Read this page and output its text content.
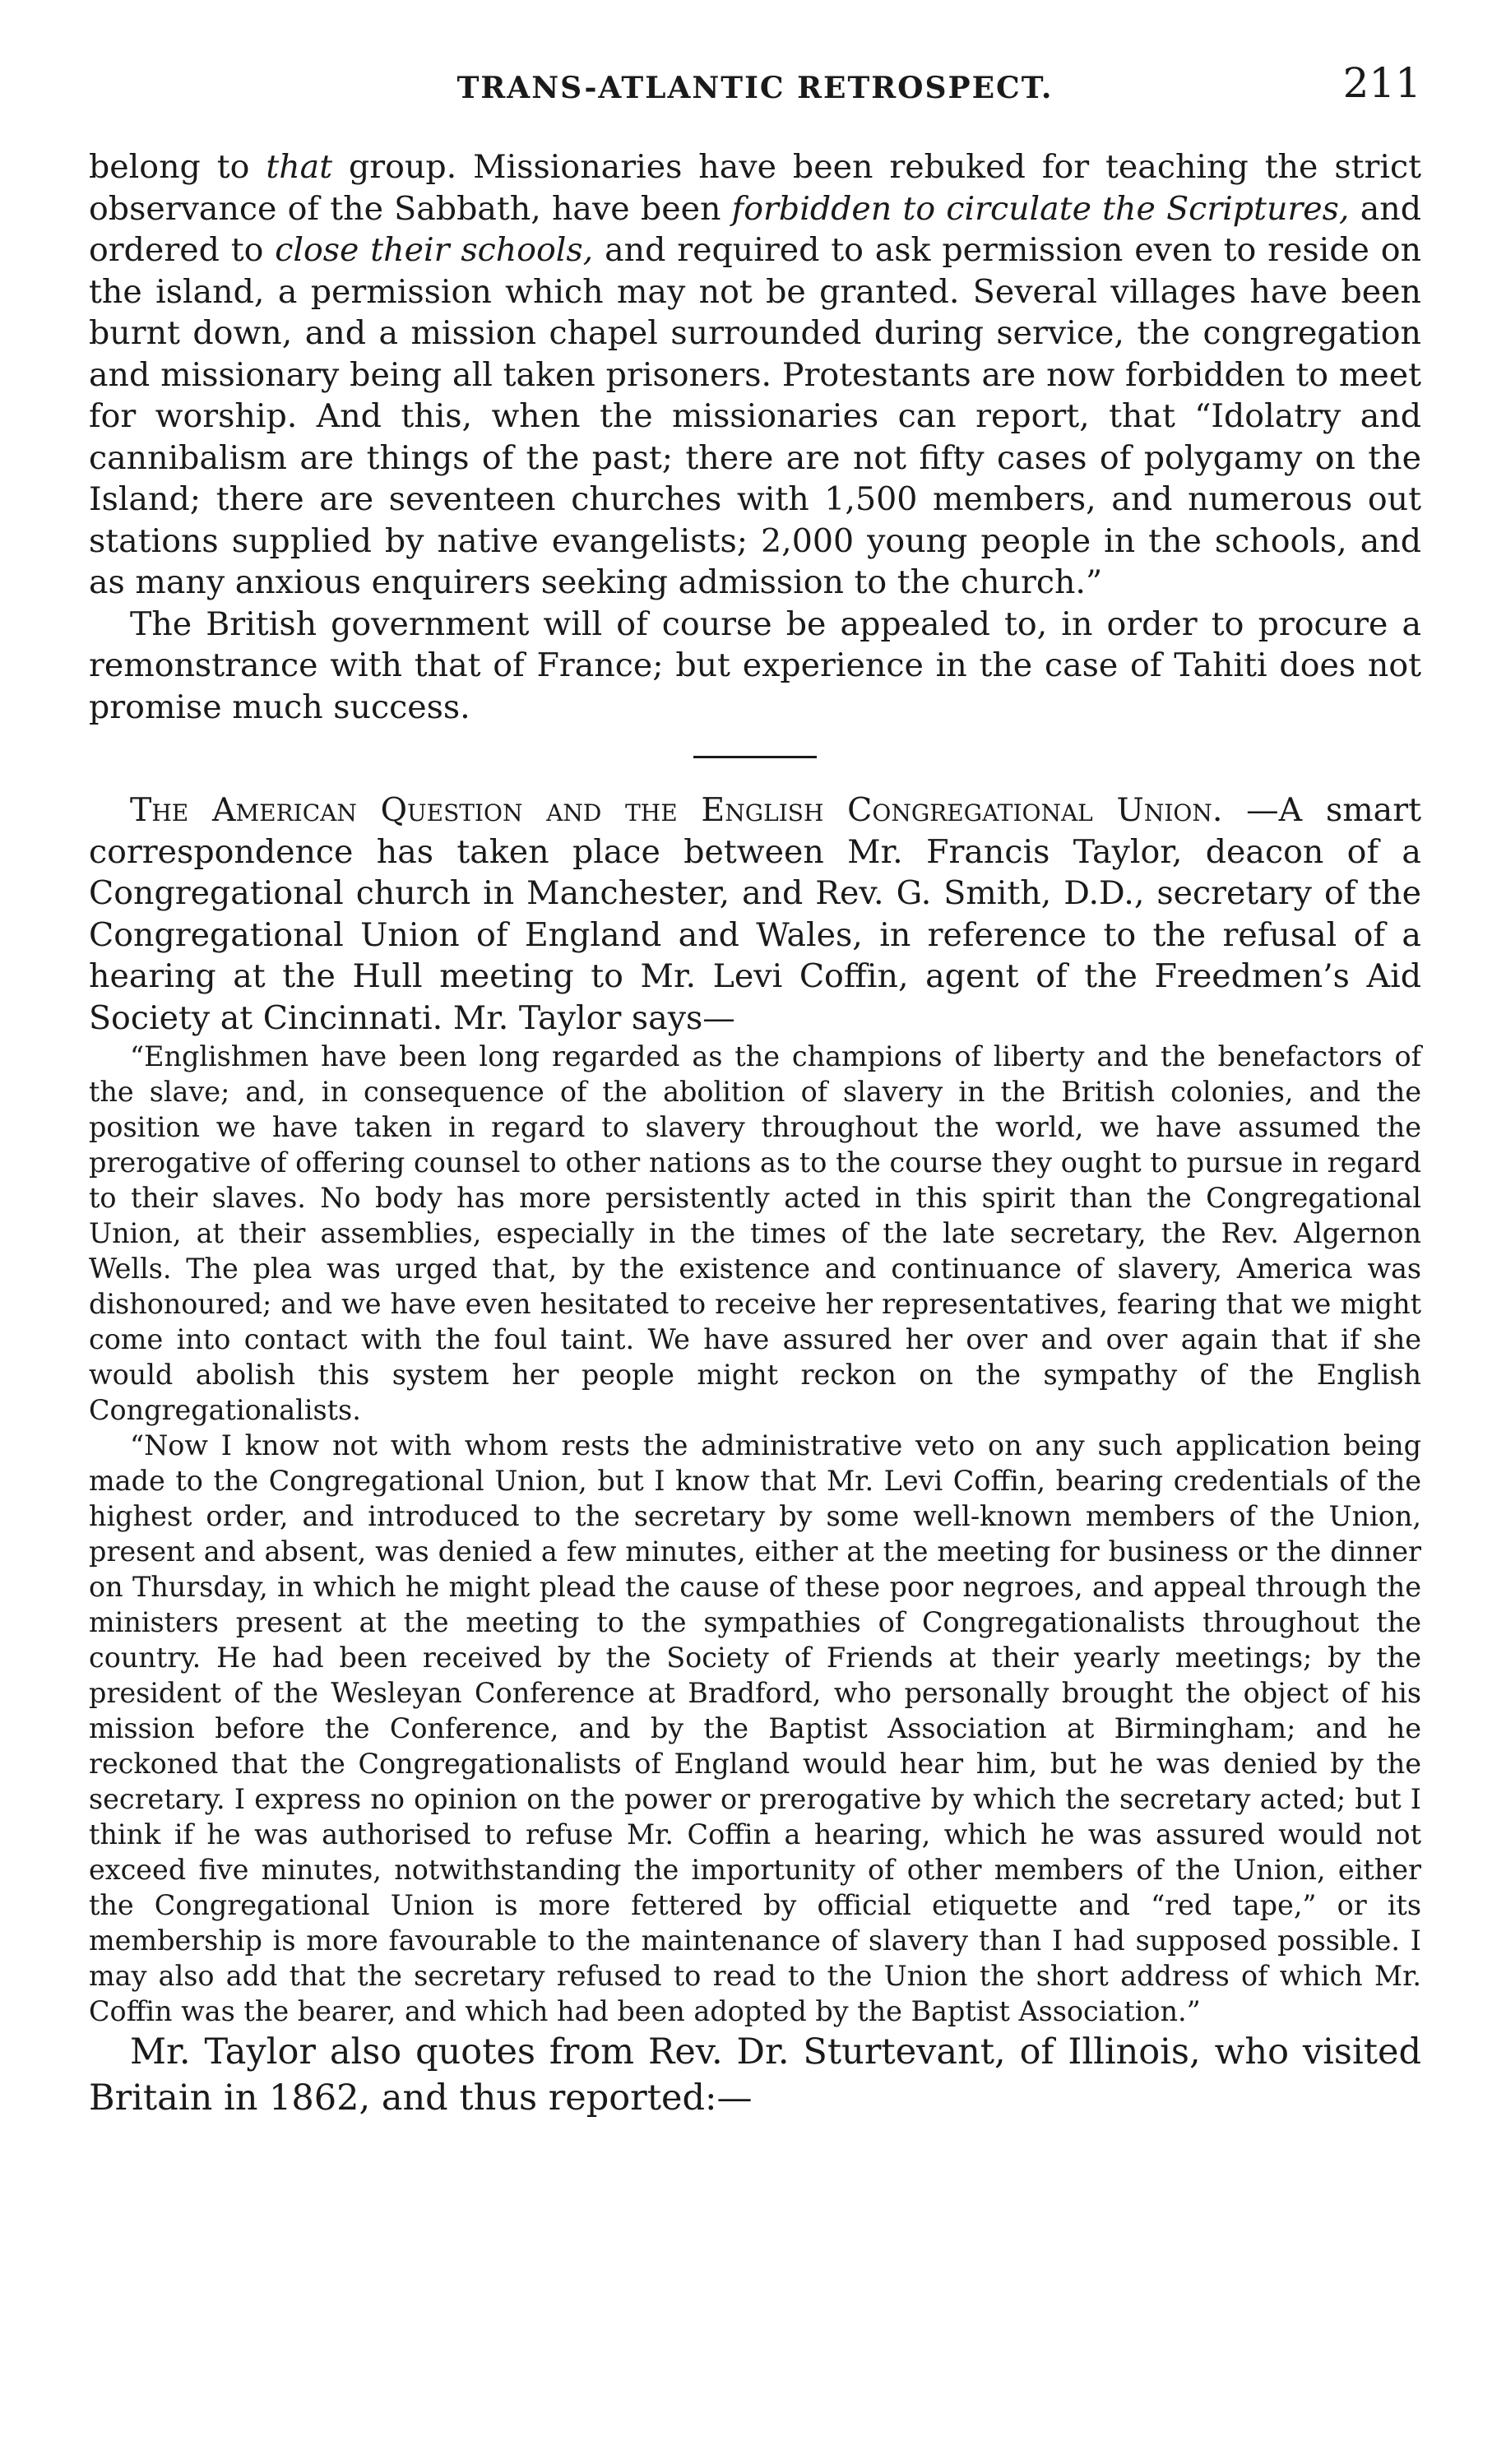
TRANS-ATLANTIC RETROSPECT.	211

belong to that group. Missionaries have been rebuked for teaching the strict observance of the Sabbath, have been forbidden to circulate the Scriptures, and ordered to close their schools, and required to ask permission even to reside on the island, a permission which may not be granted. Several villages have been burnt down, and a mission chapel surrounded during service, the congregation and missionary being all taken prisoners. Protestants are now forbidden to meet for worship. And this, when the missionaries can report, that “Idolatry and cannibalism are things of the past; there are not fifty cases of polygamy on the Island; there are seventeen churches with 1,500 members, and numerous out stations supplied by native evangelists; 2,000 young people in the schools, and as many anxious enquirers seeking admission to the church.”

The British government will of course be appealed to, in order to procure a remonstrance with that of France; but experience in the case of Tahiti does not promise much success.

The American Question and the English Congregational Union. —A smart correspondence has taken place between Mr. Francis Taylor, deacon of a Congregational church in Manchester, and Rev. G. Smith, D.D., secretary of the Congregational Union of England and Wales, in reference to the refusal of a hearing at the Hull meeting to Mr. Levi Coffin, agent of the Freedmen’s Aid Society at Cincinnati. Mr. Taylor says—

“Englishmen have been long regarded as the champions of liberty and the benefactors of the slave; and, in consequence of the abolition of slavery in the British colonies, and the position we have taken in regard to slavery throughout the world, we have assumed the prerogative of offering counsel to other nations as to the course they ought to pursue in regard to their slaves. No body has more persistently acted in this spirit than the Congregational Union, at their assemblies, especially in the times of the late secretary, the Rev. Algernon Wells. The plea was urged that, by the existence and continuance of slavery, America was dishonoured; and we have even hesitated to receive her representatives, fearing that we might come into contact with the foul taint. We have assured her over and over again that if she would abolish this system her people might reckon on the sympathy of the English Congregationalists.

“Now I know not with whom rests the administrative veto on any such application being made to the Congregational Union, but I know that Mr. Levi Coffin, bearing credentials of the highest order, and introduced to the secretary by some well-known members of the Union, present and absent, was denied a few minutes, either at the meeting for business or the dinner on Thursday, in which he might plead the cause of these poor negroes, and appeal through the ministers present at the meeting to the sympathies of Congregationalists throughout the country. He had been received by the Society of Friends at their yearly meetings; by the president of the Wesleyan Conference at Bradford, who personally brought the object of his mission before the Conference, and by the Baptist Association at Birmingham; and he reckoned that the Congregationalists of England would hear him, but he was denied by the secretary. I express no opinion on the power or prerogative by which the secretary acted; but I think if he was authorised to refuse Mr. Coffin a hearing, which he was assured would not exceed five minutes, notwithstanding the importunity of other members of the Union, either the Congregational Union is more fettered by official etiquette and “red tape,” or its membership is more favourable to the maintenance of slavery than I had supposed possible. I may also add that the secretary refused to read to the Union the short address of which Mr. Coffin was the bearer, and which had been adopted by the Baptist Association.”

Mr. Taylor also quotes from Rev. Dr. Sturtevant, of Illinois, who visited Britain in 1862, and thus reported:—
